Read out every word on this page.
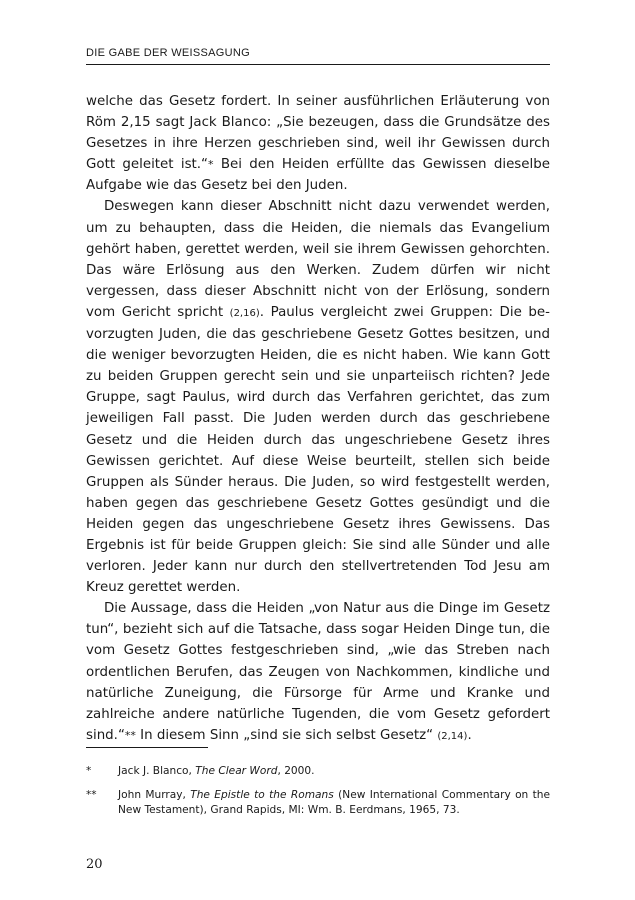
DIE GABE DER WEISSAGUNG

welche das Gesetz fordert. In seiner ausführlichen Erläuterung von Röm 2,15 sagt Jack Blanco: „Sie bezeugen, dass die Grundsätze des Gesetzes in ihre Herzen geschrieben sind, weil ihr Gewissen durch Gott geleitet ist.“* Bei den Heiden erfüllte das Gewissen dieselbe Aufgabe wie das Gesetz bei den Juden.

Deswegen kann dieser Abschnitt nicht dazu verwendet werden, um zu behaupten, dass die Heiden, die niemals das Evangelium gehört haben, gerettet werden, weil sie ihrem Gewissen gehorchten. Das wäre Erlösung aus den Werken. Zudem dürfen wir nicht vergessen, dass dieser Abschnitt nicht von der Erlösung, sondern vom Gericht spricht (2,16). Paulus vergleicht zwei Gruppen: Die bevorzugten Juden, die das geschriebene Gesetz Gottes besitzen, und die weniger bevorzugten Heiden, die es nicht haben. Wie kann Gott zu beiden Gruppen gerecht sein und sie unparteiisch richten? Jede Gruppe, sagt Paulus, wird durch das Verfahren gerichtet, das zum jeweiligen Fall passt. Die Juden werden durch das geschriebene Gesetz und die Heiden durch das ungeschriebene Gesetz ihres Gewissen gerichtet. Auf diese Weise beurteilt, stellen sich beide Gruppen als Sünder heraus. Die Juden, so wird festgestellt werden, haben gegen das geschriebene Gesetz Gottes gesündigt und die Heiden gegen das ungeschriebene Gesetz ihres Gewissens. Das Ergebnis ist für beide Gruppen gleich: Sie sind alle Sünder und alle verloren. Jeder kann nur durch den stellvertretenden Tod Jesu am Kreuz gerettet werden.

Die Aussage, dass die Heiden „von Natur aus die Dinge im Gesetz tun“, bezieht sich auf die Tatsache, dass sogar Heiden Dinge tun, die vom Gesetz Gottes festgeschrieben sind, „wie das Streben nach ordentlichen Berufen, das Zeugen von Nachkommen, kindliche und natürliche Zuneigung, die Fürsorge für Arme und Kranke und zahlreiche andere natürliche Tugenden, die vom Gesetz gefordert sind.“** In diesem Sinn „sind sie sich selbst Gesetz“ (2,14).

*	Jack J. Blanco, The Clear Word, 2000.
** John Murray, The Epistle to the Romans (New International Commentary on the New Testament), Grand Rapids, MI: Wm. B. Eerdmans, 1965, 73.
20
